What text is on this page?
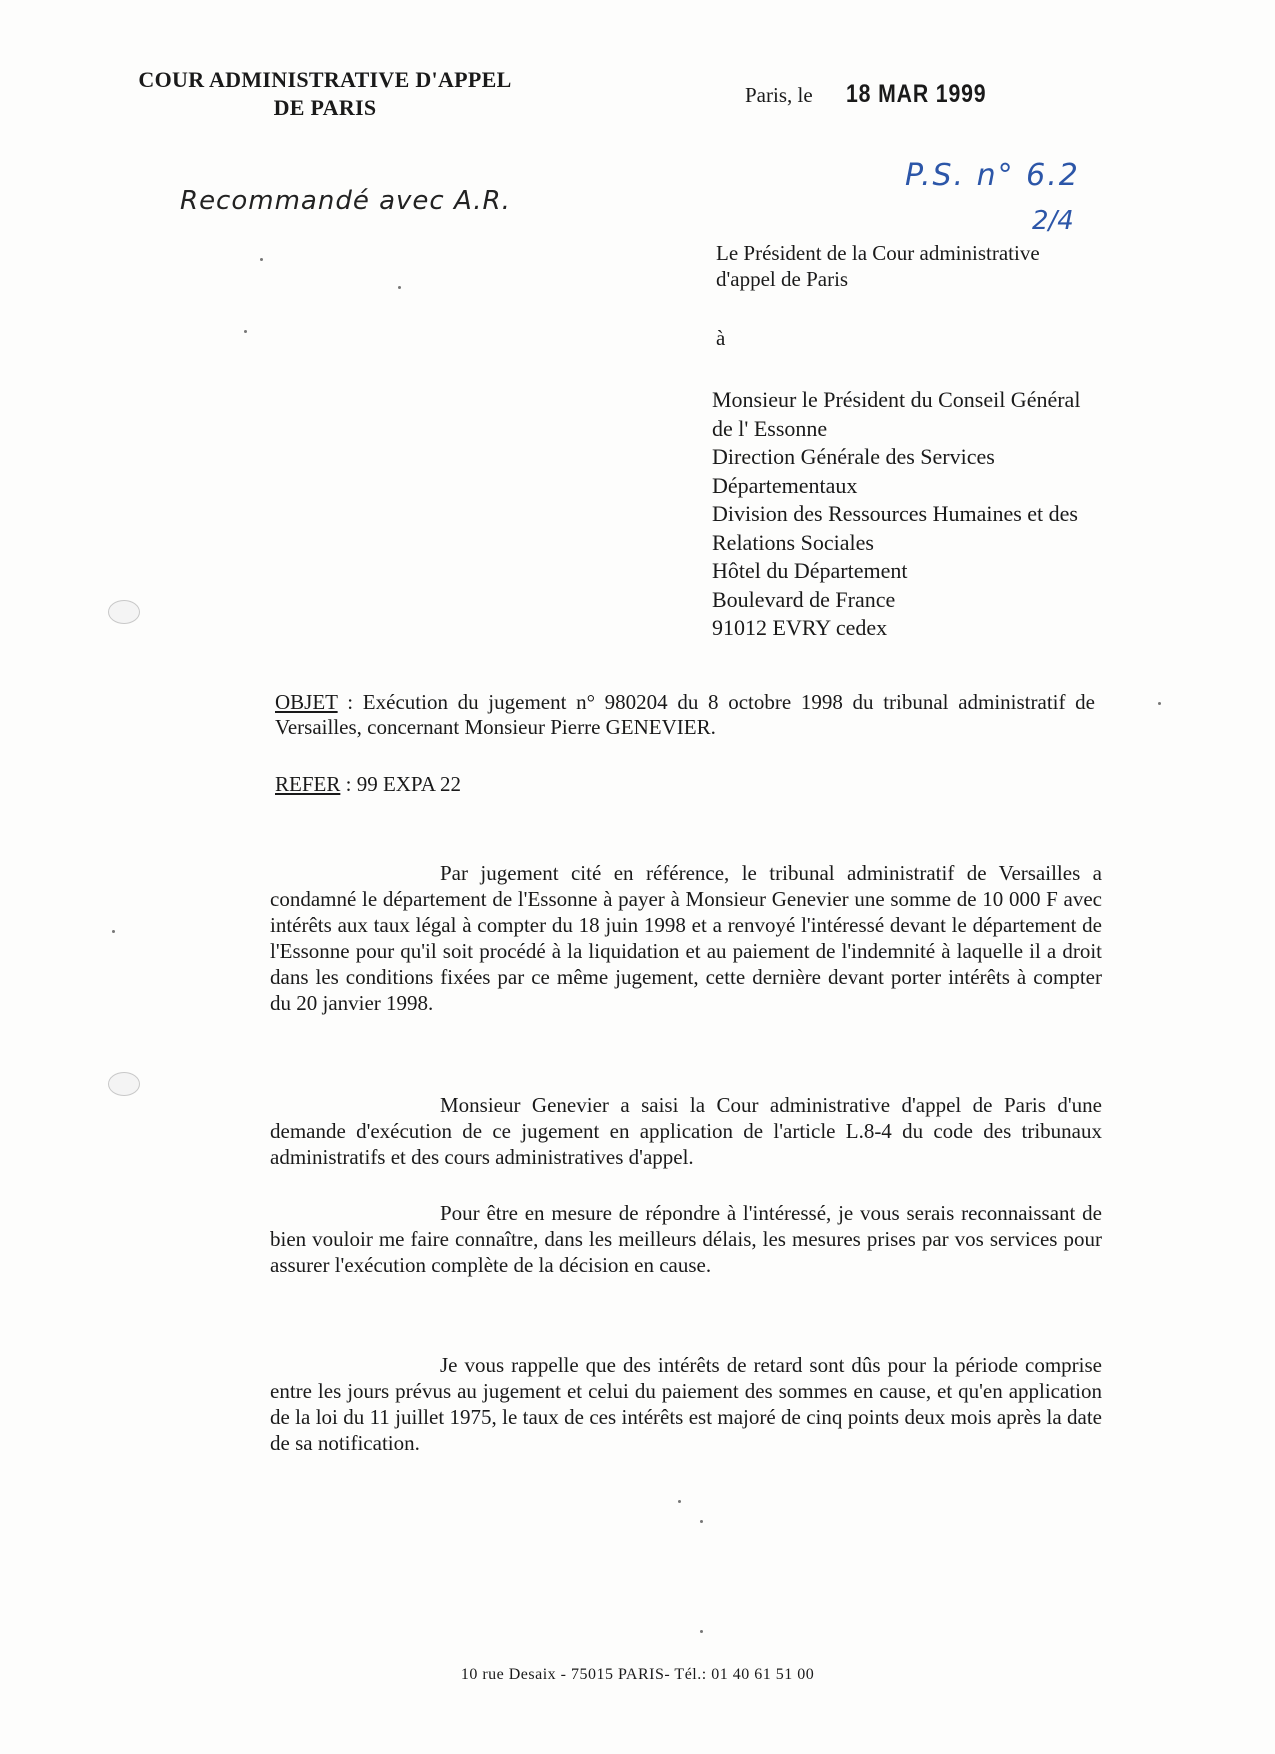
COUR ADMINISTRATIVE D'APPEL
DE PARIS	Paris, le 18 MAR 1999
Recommandé avec A.R.
P.S. n° 6.2
2/4
Le Président de la Cour administrative
d'appel de Paris
à
Monsieur le Président du Conseil Général
de l' Essonne
Direction Générale des Services
Départementaux
Division des Ressources Humaines et des
Relations Sociales
Hôtel du Département
Boulevard de France
91012 EVRY cedex
OBJET : Exécution du jugement n° 980204 du 8 octobre 1998 du tribunal administratif de Versailles, concernant Monsieur Pierre GENEVIER.
REFER : 99 EXPA 22
Par jugement cité en référence, le tribunal administratif de Versailles a condamné le département de l'Essonne à payer à Monsieur Genevier une somme de 10 000 F avec intérêts aux taux légal à compter du 18 juin 1998 et a renvoyé l'intéressé devant le département de l'Essonne pour qu'il soit procédé à la liquidation et au paiement de l'indemnité à laquelle il a droit dans les conditions fixées par ce même jugement, cette dernière devant porter intérêts à compter du 20 janvier 1998.
Monsieur Genevier a saisi la Cour administrative d'appel de Paris d'une demande d'exécution de ce jugement en application de l'article L.8-4 du code des tribunaux administratifs et des cours administratives d'appel.
Pour être en mesure de répondre à l'intéressé, je vous serais reconnaissant de bien vouloir me faire connaître, dans les meilleurs délais, les mesures prises par vos services pour assurer l'exécution complète de la décision en cause.
Je vous rappelle que des intérêts de retard sont dûs pour la période comprise entre les jours prévus au jugement et celui du paiement des sommes en cause, et qu'en application de la loi du 11 juillet 1975, le taux de ces intérêts est majoré de cinq points deux mois après la date de sa notification.
10 rue Desaix - 75015 PARIS- Tél.: 01 40 61 51 00
